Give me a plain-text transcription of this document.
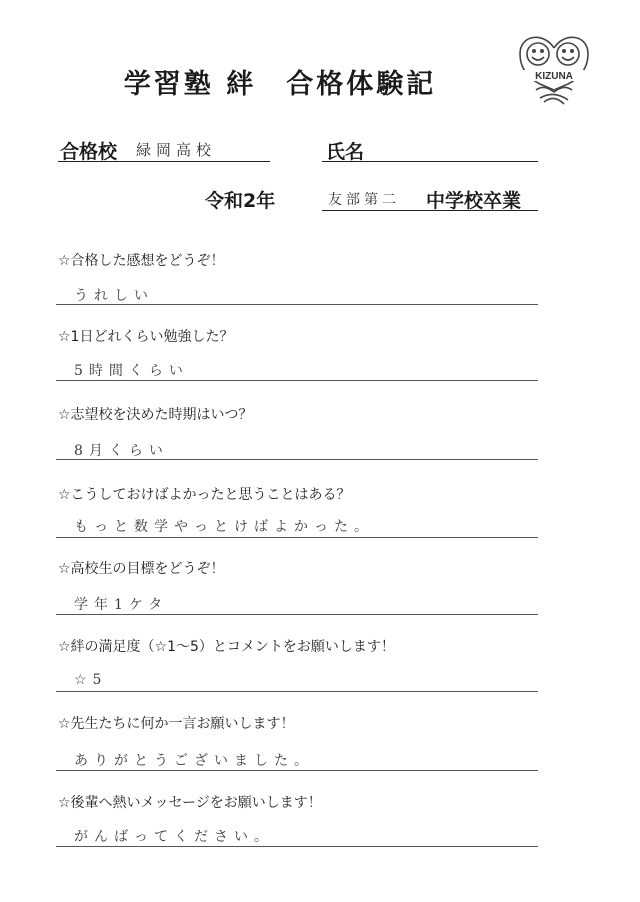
学習塾 絆　合格体験記	KIZUNA
合格校 緑岡高校	氏名
令和2年	友部第二 中学校卒業
☆合格した感想をどうぞ！
うれしい
☆1日どれくらい勉強した？
5時間くらい
☆志望校を決めた時期はいつ？
8月くらい
☆こうしておけばよかったと思うことはある？
もっと数学やっとけばよかった。
☆高校生の目標をどうぞ！
学年1ケタ
☆絆の満足度（☆1～5）とコメントをお願いします！
☆5
☆先生たちに何か一言お願いします！
ありがとうございました。
☆後輩へ熱いメッセージをお願いします！
がんばってください。
